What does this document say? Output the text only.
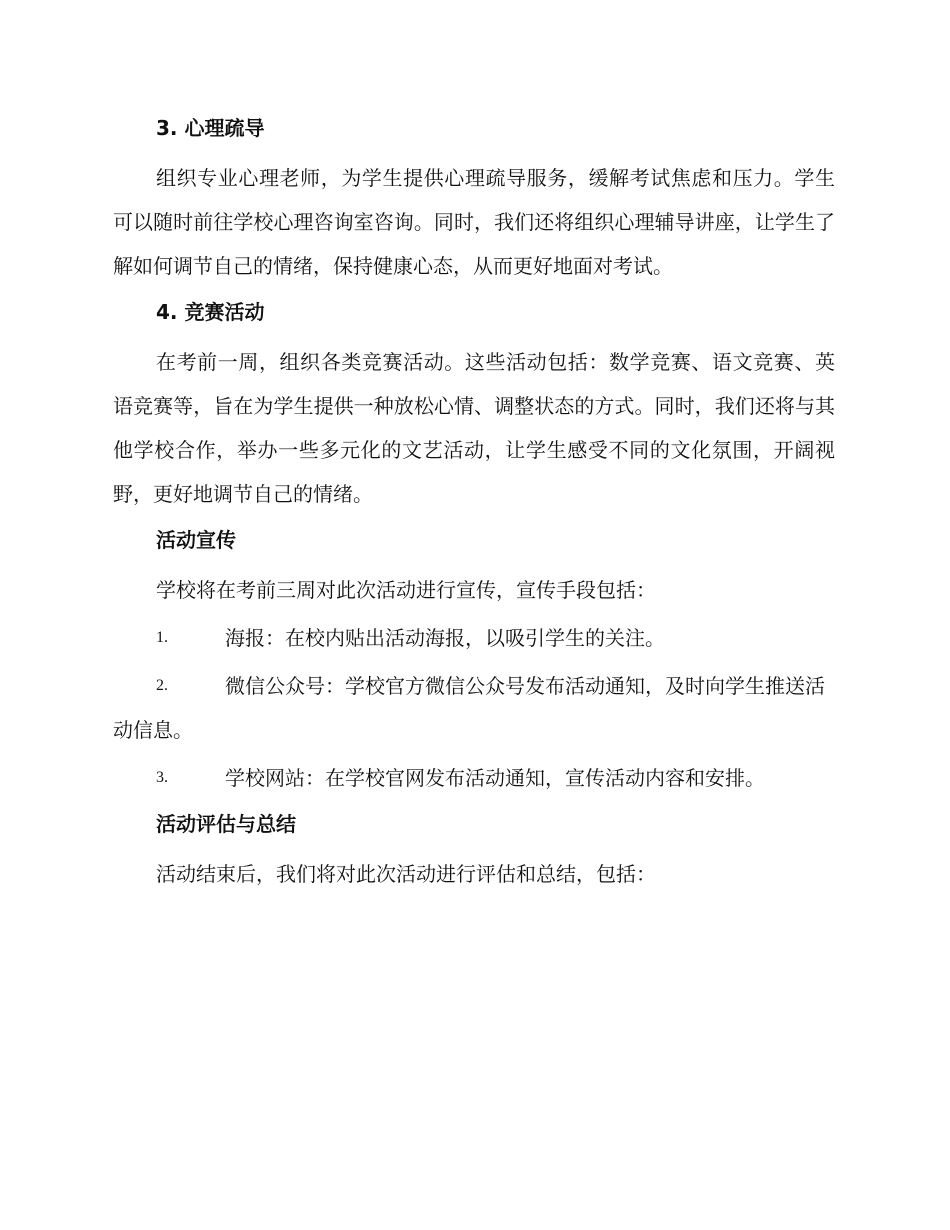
3. 心理疏导

组织专业心理老师，为学生提供心理疏导服务，缓解考试焦虑和压力。学生可以随时前往学校心理咨询室咨询。同时，我们还将组织心理辅导讲座，让学生了解如何调节自己的情绪，保持健康心态，从而更好地面对考试。

4. 竞赛活动

在考前一周，组织各类竞赛活动。这些活动包括：数学竞赛、语文竞赛、英语竞赛等，旨在为学生提供一种放松心情、调整状态的方式。同时，我们还将与其他学校合作，举办一些多元化的文艺活动，让学生感受不同的文化氛围，开阔视野，更好地调节自己的情绪。

活动宣传

学校将在考前三周对此次活动进行宣传，宣传手段包括：

1.	海报：在校内贴出活动海报，以吸引学生的关注。
2.	微信公众号：学校官方微信公众号发布活动通知，及时向学生推送活动信息。
3.	学校网站：在学校官网发布活动通知，宣传活动内容和安排。
活动评估与总结

活动结束后，我们将对此次活动进行评估和总结，包括：
